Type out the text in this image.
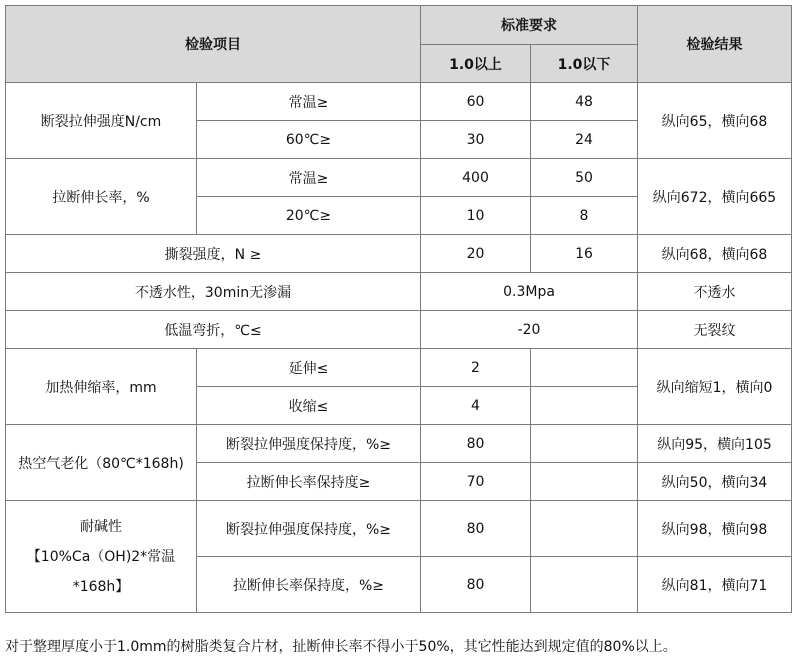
检验项目		标准要求		检验结果
		1.0以上	1.0以下	
断裂拉伸强度N/cm	常温≥	60	48	纵向65，横向68
	60℃≥	30	24	
拉断伸长率，%	常温≥	400	50	纵向672，横向665
	20℃≥	10	8	
撕裂强度，N ≥		20	16	纵向68，横向68
不透水性，30min无渗漏		0.3Mpa		不透水
低温弯折，℃≤		-20		无裂纹
加热伸缩率，mm	延伸≤	2		纵向缩短1，横向0
	收缩≤	4		
热空气老化（80℃*168h)	断裂拉伸强度保持度，%≥	80		纵向95，横向105
	拉断伸长率保持度≥	70		纵向50，横向34

耐碱性
【10%Ca（OH)2*常温
*168h】	断裂拉伸强度保持度，%≥	80		纵向98，横向98
	拉断伸长率保持度，%≥	80		纵向81，横向71
对于整理厚度小于1.0mm的树脂类复合片材，扯断伸长率不得小于50%，其它性能达到规定值的80%以上。
